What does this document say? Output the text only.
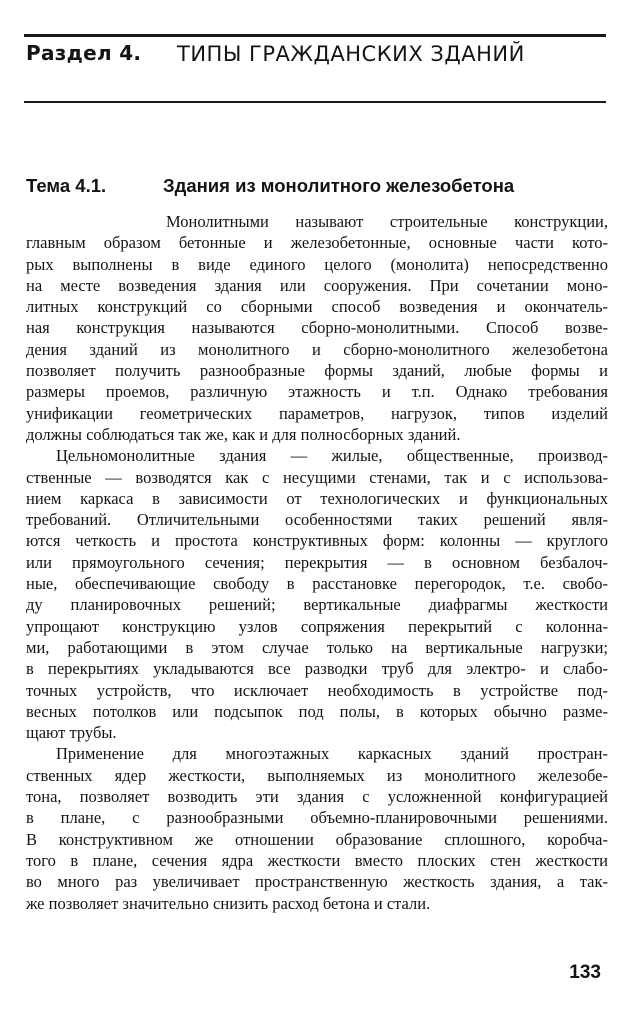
Раздел 4. ТИПЫ ГРАЖДАНСКИХ ЗДАНИЙ
Тема 4.1.	Здания из монолитного железобетона
Монолитными называют строительные конструкции,
главным образом бетонные и железобетонные, основные части кото-
рых выполнены в виде единого целого (монолита) непосредственно
на месте возведения здания или сооружения. При сочетании моно-
литных конструкций со сборными способ возведения и окончатель-
ная конструкция называются сборно-монолитными. Способ возве-
дения зданий из монолитного и сборно-монолитного железобетона
позволяет получить разнообразные формы зданий, любые формы и
размеры проемов, различную этажность и т.п. Однако требования
унификации геометрических параметров, нагрузок, типов изделий
должны соблюдаться так же, как и для полносборных зданий.
Цельномонолитные здания — жилые, общественные, производ-
ственные — возводятся как с несущими стенами, так и с использова-
нием каркаса в зависимости от технологических и функциональных
требований. Отличительными особенностями таких решений явля-
ются четкость и простота конструктивных форм: колонны — круглого
или прямоугольного сечения; перекрытия — в основном безбалоч-
ные, обеспечивающие свободу в расстановке перегородок, т.е. свобо-
ду планировочных решений; вертикальные диафрагмы жесткости
упрощают конструкцию узлов сопряжения перекрытий с колонна-
ми, работающими в этом случае только на вертикальные нагрузки;
в перекрытиях укладываются все разводки труб для электро- и слабо-
точных устройств, что исключает необходимость в устройстве под-
весных потолков или подсыпок под полы, в которых обычно разме-
щают трубы.
Применение для многоэтажных каркасных зданий простран-
ственных ядер жесткости, выполняемых из монолитного железобе-
тона, позволяет возводить эти здания с усложненной конфигурацией
в плане, с разнообразными объемно-планировочными решениями.
В конструктивном же отношении образование сплошного, коробча-
того в плане, сечения ядра жесткости вместо плоских стен жесткости
во много раз увеличивает пространственную жесткость здания, а так-
же позволяет значительно снизить расход бетона и стали.
133
